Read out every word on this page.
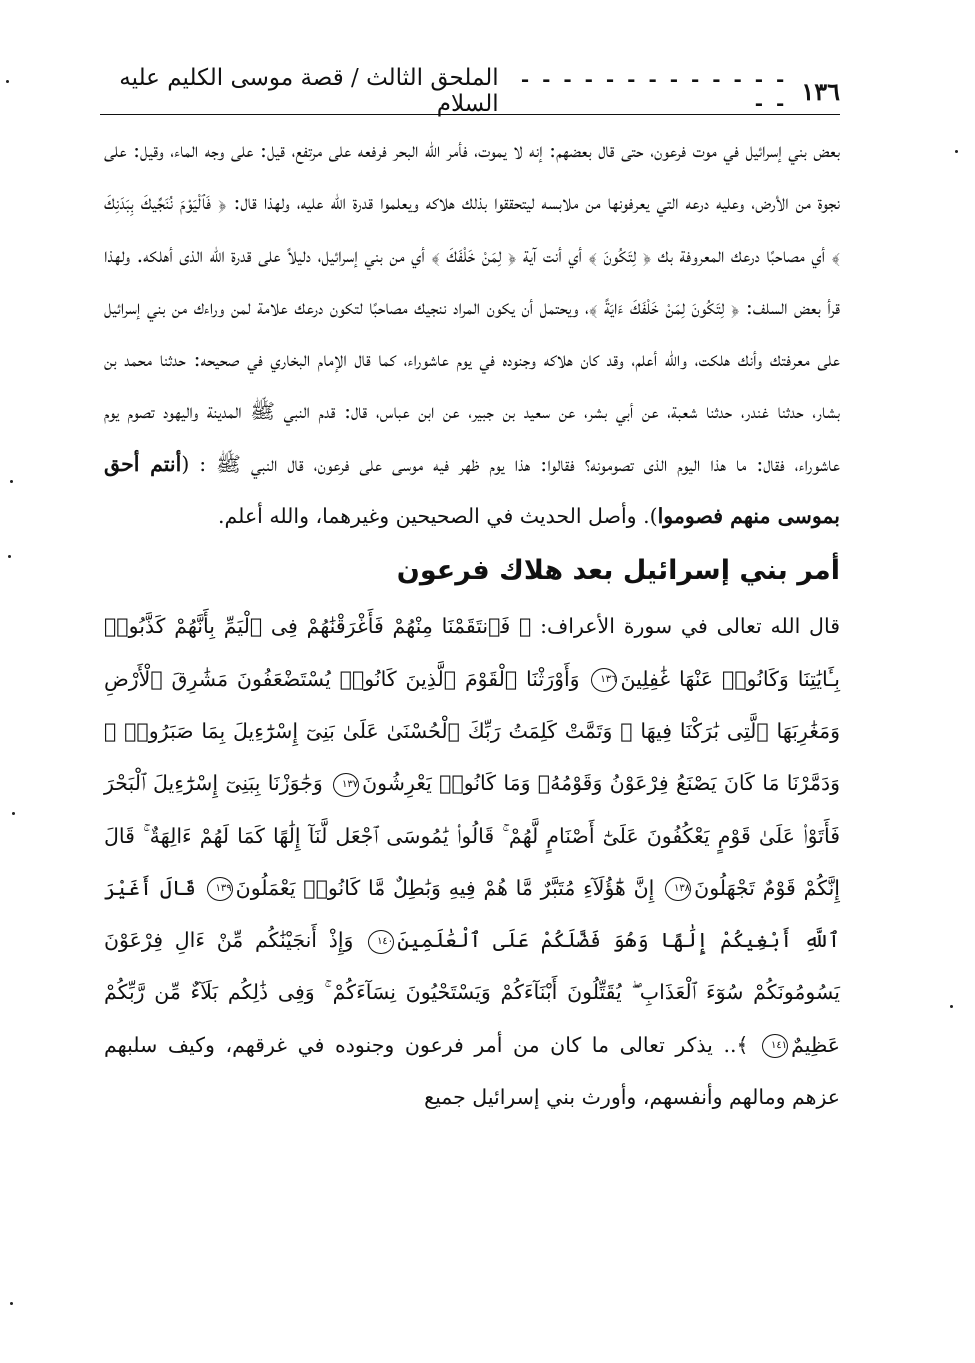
١٣٦
- - - - - - - - - - - - - - -
الملحق الثالث / قصة موسى الكليم عليه السلام

بعض بني إسرائيل في موت فرعون، حتى قال بعضهم: إنه لا يموت، فأمر الله البحر فرفعه على مرتفع، قيل: على وجه الماء، وقيل: على نجوة من الأرض، وعليه درعه التي يعرفونها من ملابسه ليتحققوا بذلك هلاكه ويعلموا قدرة الله عليه، ولهذا قال: ﴿ فَٱلْيَوْمَ نُنَجِّيكَ بِبَدَنِكَ ﴾ أي مصاحبًا درعك المعروفة بك ﴿ لِتَكُونَ ﴾ أي أنت آية ﴿ لِمَنْ خَلْفَكَ ﴾ أي من بني إسرائيل، دليلاً على قدرة الله الذى أهلكه. ولهذا قرأ بعض السلف: ﴿ لِتَكُونَ لِمَنْ خَلْفَكَ ءَايَةً ﴾، ويحتمل أن يكون المراد ننجيك مصاحبًا لتكون درعك علامة لمن وراءك من بني إسرائيل على معرفتك وأنك هلكت، والله أعلم، وقد كان هلاكه وجنوده في يوم عاشوراء، كما قال الإمام البخاري في صحيحه: حدثنا محمد بن بشار، حدثنا غندر، حدثنا شعبة، عن أبي بشر، عن سعيد بن جبير، عن ابن عباس، قال: قدم النبي ﷺ المدينة واليهود تصوم يوم عاشوراء، فقال: ما هذا اليوم الذى تصومونه؟ فقالوا: هذا يوم ظهر فيه موسى على فرعون، قال النبي ﷺ : (أنتم أحق بموسى منهم فصوموا). وأصل الحديث في الصحيحين وغيرهما، والله أعلم.

أمر بني إسرائيل بعد هلاك فرعون

قال الله تعالى في سورة الأعراف: ﴿ فَٱنتَقَمْنَا مِنْهُمْ فَأَغْرَقْنَٰهُمْ فِى ٱلْيَمِّ بِأَنَّهُمْ كَذَّبُوا۟ بِـَٔايَٰتِنَا وَكَانُوا۟ عَنْهَا غَٰفِلِينَ١٣٦ وَأَوْرَثْنَا ٱلْقَوْمَ ٱلَّذِينَ كَانُوا۟ يُسْتَضْعَفُونَ مَشَٰرِقَ ٱلْأَرْضِ وَمَغَٰرِبَهَا ٱلَّتِى بَٰرَكْنَا فِيهَا ۖ وَتَمَّتْ كَلِمَتُ رَبِّكَ ٱلْحُسْنَىٰ عَلَىٰ بَنِىٓ إِسْرَٰٓءِيلَ بِمَا صَبَرُوا۟ ۖ وَدَمَّرْنَا مَا كَانَ يَصْنَعُ فِرْعَوْنُ وَقَوْمُهُۥ وَمَا كَانُوا۟ يَعْرِشُونَ١٣٧ وَجَٰوَزْنَا بِبَنِىٓ إِسْرَٰٓءِيلَ ٱلْبَحْرَ فَأَتَوْا۟ عَلَىٰ قَوْمٍ يَعْكُفُونَ عَلَىٰٓ أَصْنَامٍ لَّهُمْ ۚ قَالُوا۟ يَٰمُوسَى ٱجْعَل لَّنَآ إِلَٰهًا كَمَا لَهُمْ ءَالِهَةٌ ۚ قَالَ إِنَّكُمْ قَوْمٌ تَجْهَلُونَ١٣٨ إِنَّ هَٰٓؤُلَآءِ مُتَبَّرٌ مَّا هُمْ فِيهِ وَبَٰطِلٌ مَّا كَانُوا۟ يَعْمَلُونَ١٣٩ قَالَ أَغَيْرَ ٱللَّهِ أَبْغِيكُمْ إِلَٰهًا وَهُوَ فَضَّلَكُمْ عَلَى ٱلْعَٰلَمِينَ١٤٠ وَإِذْ أَنجَيْنَٰكُم مِّنْ ءَالِ فِرْعَوْنَ يَسُومُونَكُمْ سُوٓءَ ٱلْعَذَابِ ۖ يُقَتِّلُونَ أَبْنَآءَكُمْ وَيَسْتَحْيُونَ نِسَآءَكُمْ ۚ وَفِى ذَٰلِكُم بَلَآءٌ مِّن رَّبِّكُمْ عَظِيمٌ١٤١ ﴾.. يذكر تعالى ما كان من أمر فرعون وجنوده في غرقهم، وكيف سلبهم عزهم ومالهم وأنفسهم، وأورث بني إسرائيل جميع
